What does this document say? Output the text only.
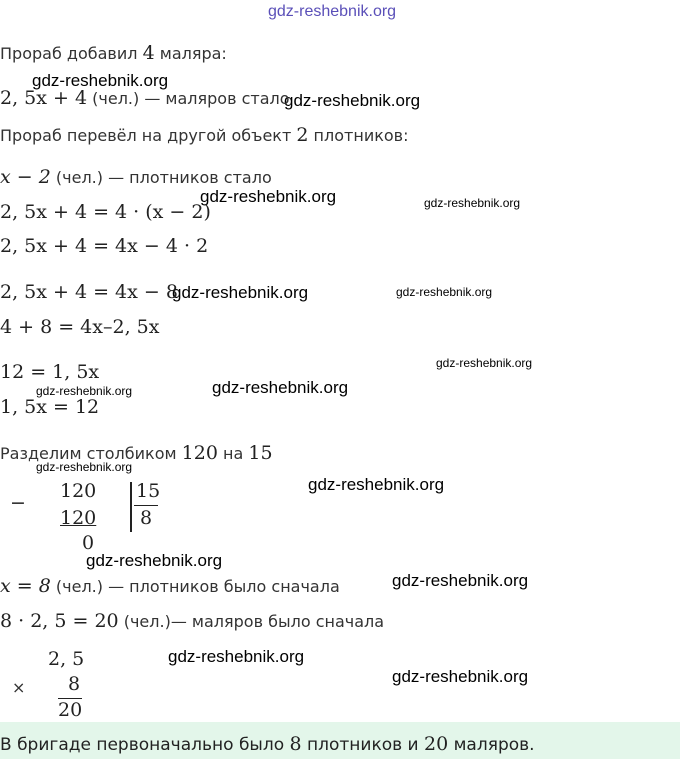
gdz-reshebnik.org
gdz-reshebnik.org
gdz-reshebnik.org
gdz-reshebnik.org	gdz-reshebnik.org
gdz-reshebnik.org	gdz-reshebnik.org
gdz-reshebnik.org
gdz-reshebnik.org
gdz-reshebnik.org
gdz-reshebnik.org
gdz-reshebnik.org
gdz-reshebnik.org
gdz-reshebnik.org
gdz-reshebnik.org
gdz-reshebnik.org
Прораб добавил 4 маляра:
2, 5x + 4 (чел.) — маляров стало
Прораб перевёл на другой объект 2 плотников:
x − 2 (чел.) — плотников стало
2, 5x + 4 = 4 · (x − 2)
2, 5x + 4 = 4x − 4 · 2
2, 5x + 4 = 4x − 8
4 + 8 = 4x–2, 5x
12 = 1, 5x
1, 5x = 12
Разделим столбиком 120 на 15
−
120
120
0
15
8
x = 8 (чел.) — плотников было сначала
8 · 2, 5 = 20 (чел.)— маляров было сначала
2, 5
× 8
20
В бригаде первоначально было 8 плотников и 20 маляров.
